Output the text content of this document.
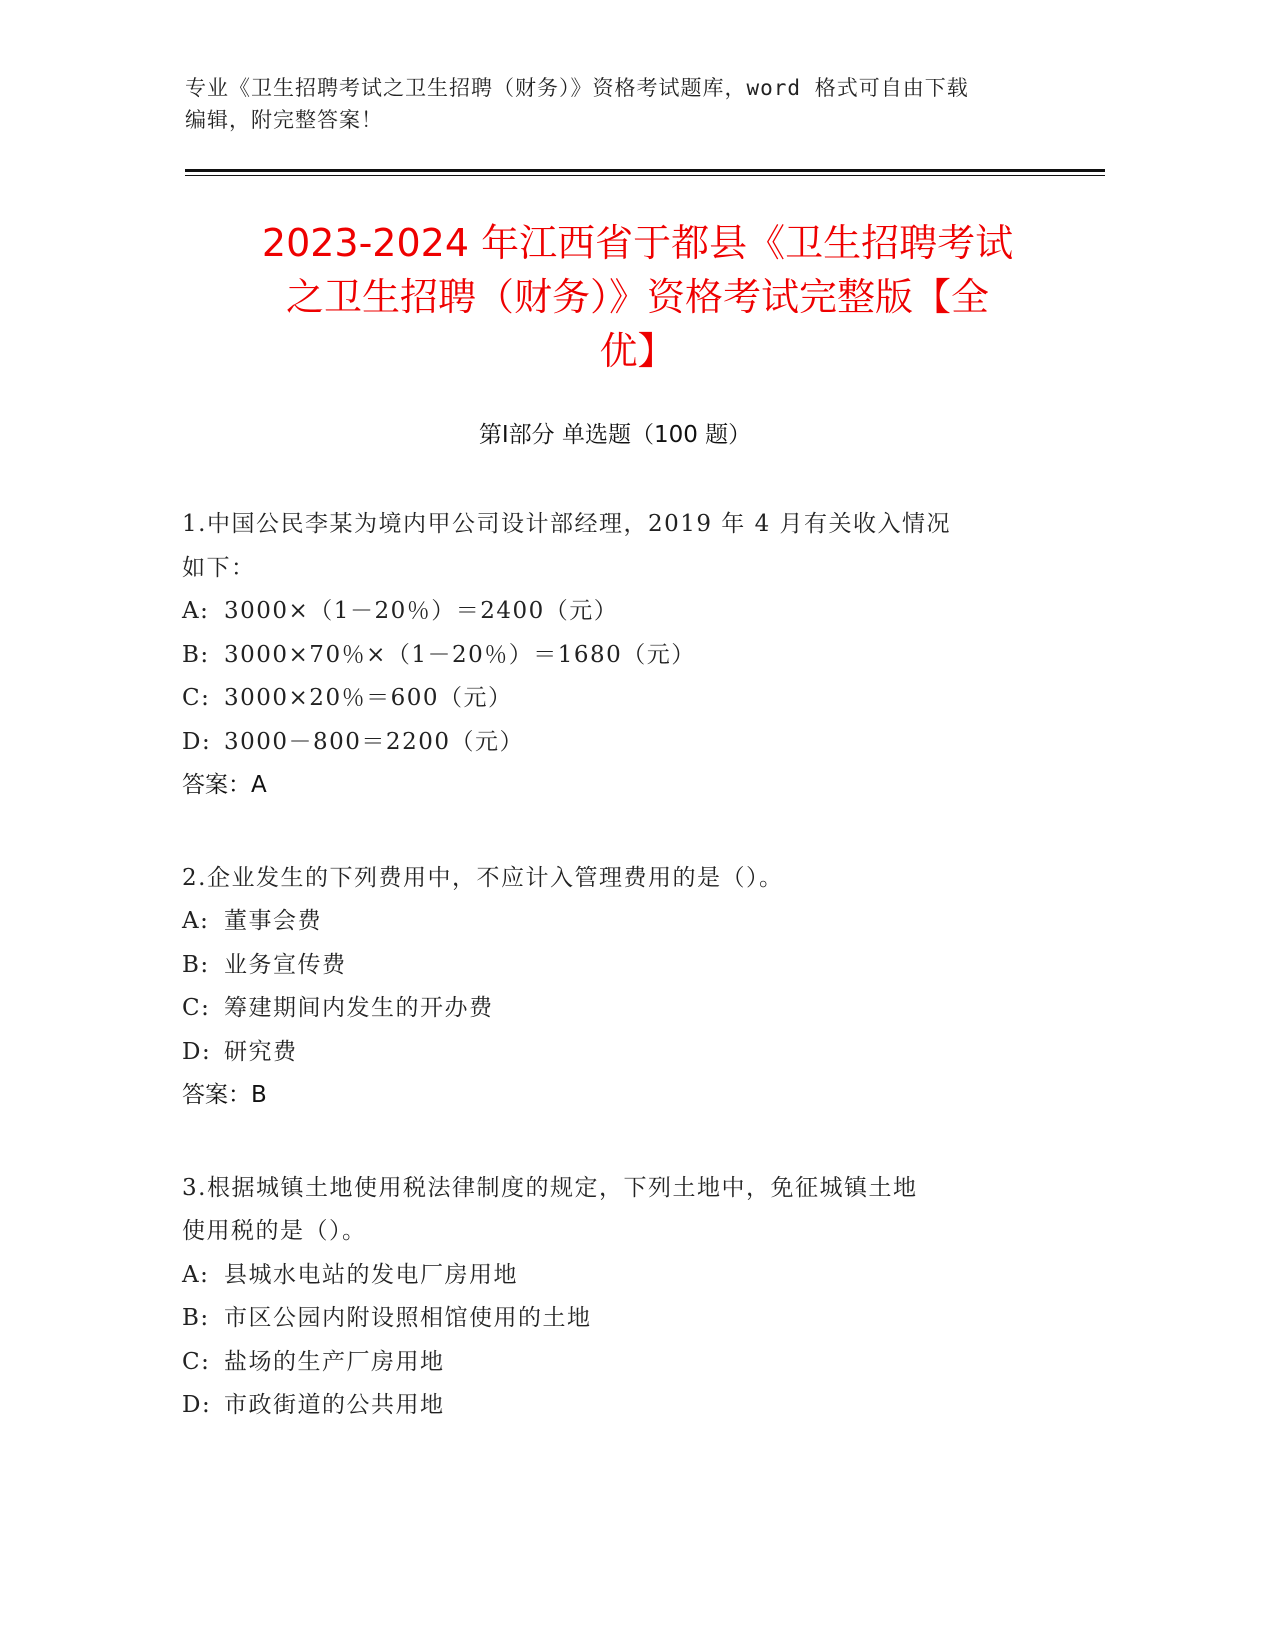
专业《卫生招聘考试之卫生招聘（财务）》资格考试题库，word 格式可自由下载
编辑，附完整答案！
2023-2024 年江西省于都县《卫生招聘考试
之卫生招聘（财务）》资格考试完整版【全
优】
第Ⅰ部分 单选题（100 题）
1.中国公民李某为境内甲公司设计部经理，2019 年 4 月有关收入情况
如下：
A: 3000×（1－20％）＝2400（元）
B: 3000×70％×（1－20％）＝1680（元）
C: 3000×20％＝600（元）
D: 3000－800＝2200（元）
答案：A
2.企业发生的下列费用中，不应计入管理费用的是（）。
A: 董事会费
B: 业务宣传费
C: 筹建期间内发生的开办费
D: 研究费
答案：B
3.根据城镇土地使用税法律制度的规定，下列土地中，免征城镇土地
使用税的是（）。
A: 县城水电站的发电厂房用地
B: 市区公园内附设照相馆使用的土地
C: 盐场的生产厂房用地
D: 市政街道的公共用地
